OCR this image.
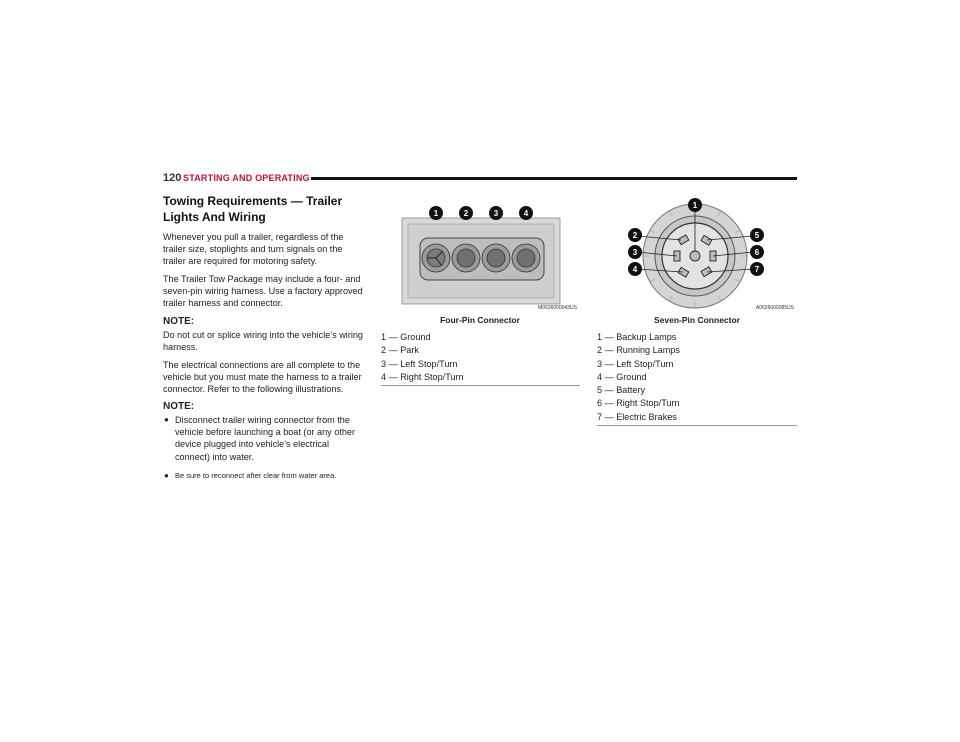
120 STARTING AND OPERATING
Towing Requirements — Trailer Lights And Wiring

Whenever you pull a trailer, regardless of the trailer size, stoplights and turn signals on the trailer are required for motoring safety.

The Trailer Tow Package may include a four- and seven-pin wiring harness. Use a factory approved trailer harness and connector.

NOTE:

Do not cut or splice wiring into the vehicle’s wiring harness.

The electrical connections are all complete to the vehicle but you must mate the harness to a trailer connector. Refer to the following illustrations.

NOTE:
● Disconnect trailer wiring connector from the vehicle before launching a boat (or any other device plugged into vehicle’s electrical connect) into water.
● Be sure to reconnect after clear from water area.
1	2	3	4
M0636000043US
Four-Pin Connector
1
2
3
4
5
6
7
A0636000085US
Seven-Pin Connector
1 — Ground
2 — Park
3 — Left Stop/Turn
4 — Right Stop/Turn
1 — Backup Lamps
2 — Running Lamps
3 — Left Stop/Turn
4 — Ground
5 — Battery
6 — Right Stop/Turn
7 — Electric Brakes
